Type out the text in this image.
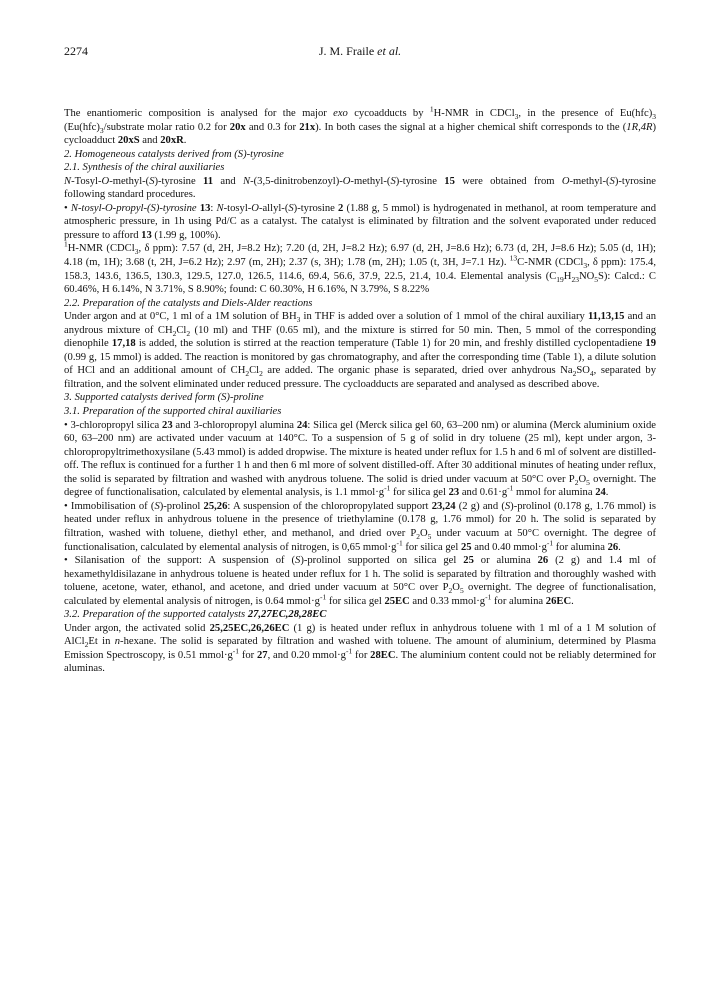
2274	J. M. Fraile et al.

The enantiomeric composition is analysed for the major exo cycoadducts by $^1$H-NMR in CDCl$_3$, in the presence of $Eu(hfc)_3$ ($Eu(hfc)_3$/substrate molar ratio 0.2 for 20x and 0.3 for 21x). In both cases the signal at a higher chemical shift corresponds to the (1R,4R) cycloadduct 20xS and 20xR.

2. Homogeneous catalysts derived from (S)-tyrosine

2.1. Synthesis of the chiral auxiliaries

N-Tosyl-O-methyl-(S)-tyrosine 11 and N-(3,5-dinitrobenzoyl)-O-methyl-(S)-tyrosine 15 were obtained from O-methyl-(S)-tyrosine following standard procedures.

• N-tosyl-O-propyl-(S)-tyrosine 13: N-tosyl-O-allyl-(S)-tyrosine 2 (1.88 g, 5 mmol) is hydrogenated in methanol, at room temperature and atmospheric pressure, in 1h using Pd/C as a catalyst. The catalyst is eliminated by filtration and the solvent evaporated under reduced pressure to afford 13 (1.99 g, 100%).

$^1$H-NMR (CDCl$_3$, δ ppm): 7.57 (d, 2H, J=8.2 Hz); 7.20 (d, 2H, J=8.2 Hz); 6.97 (d, 2H, J=8.6 Hz); 6.73 (d, 2H, J=8.6 Hz); 5.05 (d, 1H); 4.18 (m, 1H); 3.68 (t, 2H, J=6.2 Hz); 2.97 (m, 2H); 2.37 (s, 3H); 1.78 (m, 2H); 1.05 (t, 3H, J=7.1 Hz). $^{13}$C-NMR (CDCl$_3$, δ ppm): 175.4, 158.3, 143.6, 136.5, 130.3, 129.5, 127.0, 126.5, 114.6, 69.4, 56.6, 37.9, 22.5, 21.4, 10.4. Elemental analysis $(C_{19}H_{23}NO_5S)$: Calcd.: C 60.46%, H 6.14%, N 3.71%, S 8.90%; found: C 60.30%, H 6.16%, N 3.79%, S 8.22%

2.2. Preparation of the catalysts and Diels-Alder reactions

Under argon and at 0°C, 1 ml of a 1M solution of $BH_3$ in THF is added over a solution of 1 mmol of the chiral auxiliary 11,13,15 and an anydrous mixture of $CH_2Cl_2$ (10 ml) and THF (0.65 ml), and the mixture is stirred for 50 min. Then, 5 mmol of the corresponding dienophile 17,18 is added, the solution is stirred at the reaction temperature (Table 1) for 20 min, and freshly distilled cyclopentadiene 19 (0.99 g, 15 mmol) is added. The reaction is monitored by gas chromatography, and after the corresponding time (Table 1), a dilute solution of HCl and an additional amount of $CH_2Cl_2$ are added. The organic phase is separated, dried over anhydrous $Na_2SO_4$, separated by filtration, and the solvent eliminated under reduced pressure. The cycloadducts are separated and analysed as described above.

3. Supported catalysts derived form (S)-proline

3.1. Preparation of the supported chiral auxiliaries

• 3-chloropropyl silica 23 and 3-chloropropyl alumina 24: Silica gel (Merck silica gel 60, 63–200 nm) or alumina (Merck aluminium oxide 60, 63–200 nm) are activated under vacuum at 140°C. To a suspension of 5 g of solid in dry toluene (25 ml), kept under argon, 3-chloropropyltrimethoxysilane (5.43 mmol) is added dropwise. The mixture is heated under reflux for 1.5 h and 6 ml of solvent are distilled-off. The reflux is continued for a further 1 h and then 6 ml more of solvent distilled-off. After 30 additional minutes of heating under reflux, the solid is separated by filtration and washed with anydrous toluene. The solid is dried under vacuum at 50°C over $P_2O_5$ overnight. The degree of functionalisation, calculated by elemental analysis, is 1.1 $mmol\cdot g^{-1}$ for silica gel 23 and $0.61\cdot g^{-1}$ mmol for alumina 24.

• Immobilisation of (S)-prolinol 25,26: A suspension of the chloropropylated support 23,24 (2 g) and (S)-prolinol (0.178 g, 1.76 mmol) is heated under reflux in anhydrous toluene in the presence of triethylamine (0.178 g, 1.76 mmol) for 20 h. The solid is separated by filtration, washed with toluene, diethyl ether, and methanol, and dried over $P_2O_5$ under vacuum at 50°C overnight. The degree of functionalisation, calculated by elemental analysis of nitrogen, is 0,65 $mmol\cdot g^{-1}$ for silica gel 25 and 0.40 $mmol\cdot g^{-1}$ for alumina 26.

• Silanisation of the support: A suspension of (S)-prolinol supported on silica gel 25 or alumina 26 (2 g) and 1.4 ml of hexamethyldisilazane in anhydrous toluene is heated under reflux for 1 h. The solid is separated by filtration and thoroughly washed with toluene, acetone, water, ethanol, and acetone, and dried under vacuum at 50°C over $P_2O_5$ overnight. The degree of functionalisation, calculated by elemental analysis of nitrogen, is 0.64 $mmol\cdot g^{-1}$ for silica gel 25EC and 0.33 $mmol\cdot g^{-1}$ for alumina 26EC.

3.2. Preparation of the supported catalysts 27,27EC,28,28EC

Under argon, the activated solid 25,25EC,26,26EC (1 g) is heated under reflux in anhydrous toluene with 1 ml of a 1 M solution of AlCl$_2$Et in n-hexane. The solid is separated by filtration and washed with toluene. The amount of aluminium, determined by Plasma Emission Spectroscopy, is 0.51 $mmol\cdot g^{-1}$ for 27, and 0.20 $mmol\cdot g^{-1}$ for 28EC. The aluminium content could not be reliably determined for aluminas.
